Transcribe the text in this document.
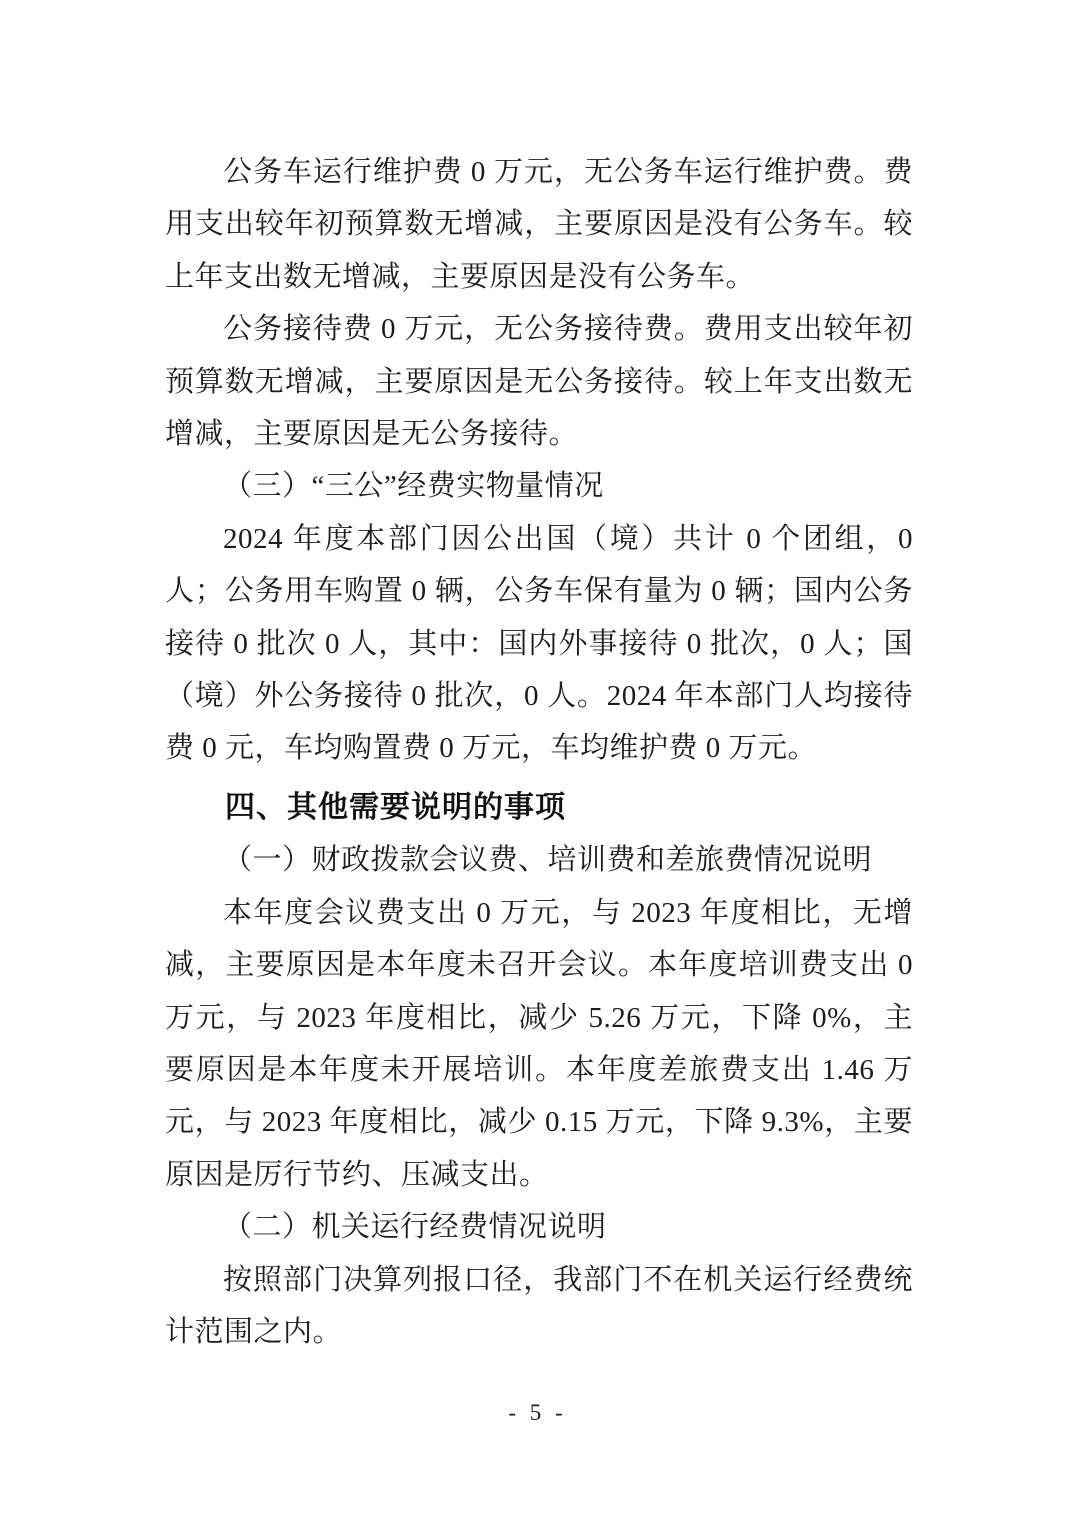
公务车运行维护费 0 万元，无公务车运行维护费。费用支出较年初预算数无增减，主要原因是没有公务车。较上年支出数无增减，主要原因是没有公务车。

公务接待费 0 万元，无公务接待费。费用支出较年初预算数无增减，主要原因是无公务接待。较上年支出数无增减，主要原因是无公务接待。

（三）“三公”经费实物量情况

2024 年度本部门因公出国（境）共计 0 个团组，0 人；公务用车购置 0 辆，公务车保有量为 0 辆；国内公务接待 0 批次 0 人，其中：国内外事接待 0 批次，0 人；国（境）外公务接待 0 批次，0 人。2024 年本部门人均接待费 0 元，车均购置费 0 万元，车均维护费 0 万元。

四、其他需要说明的事项

（一）财政拨款会议费、培训费和差旅费情况说明

本年度会议费支出 0 万元，与 2023 年度相比，无增减，主要原因是本年度未召开会议。本年度培训费支出 0 万元，与 2023 年度相比，减少 5.26 万元，下降 0%，主要原因是本年度未开展培训。本年度差旅费支出 1.46 万元，与 2023 年度相比，减少 0.15 万元，下降 9.3%，主要原因是厉行节约、压减支出。

（二）机关运行经费情况说明

按照部门决算列报口径，我部门不在机关运行经费统计范围之内。

- 5 -
